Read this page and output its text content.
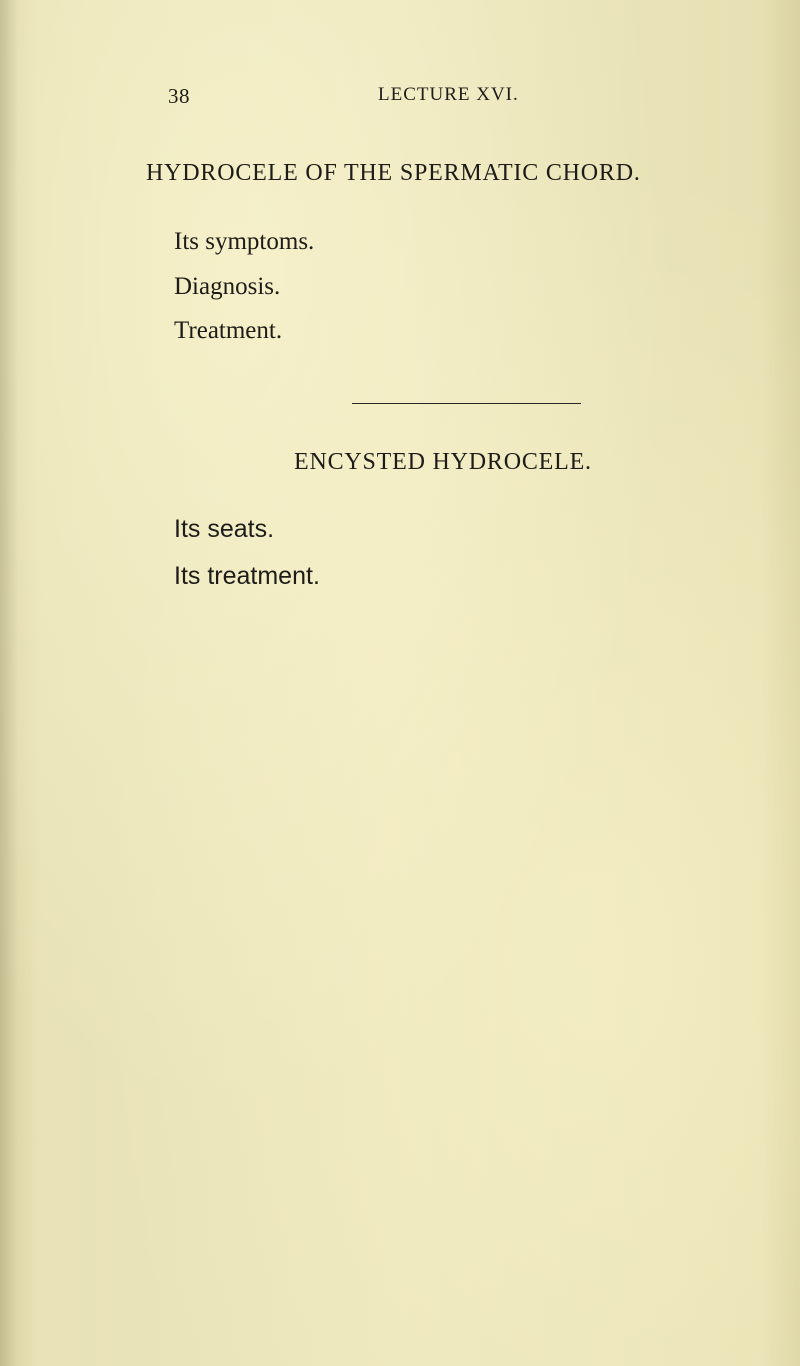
38	LECTURE XVI.
HYDROCELE OF THE SPERMATIC CHORD.
Its symptoms.
Diagnosis.
Treatment.
ENCYSTED HYDROCELE.
Its seats.
Its treatment.
